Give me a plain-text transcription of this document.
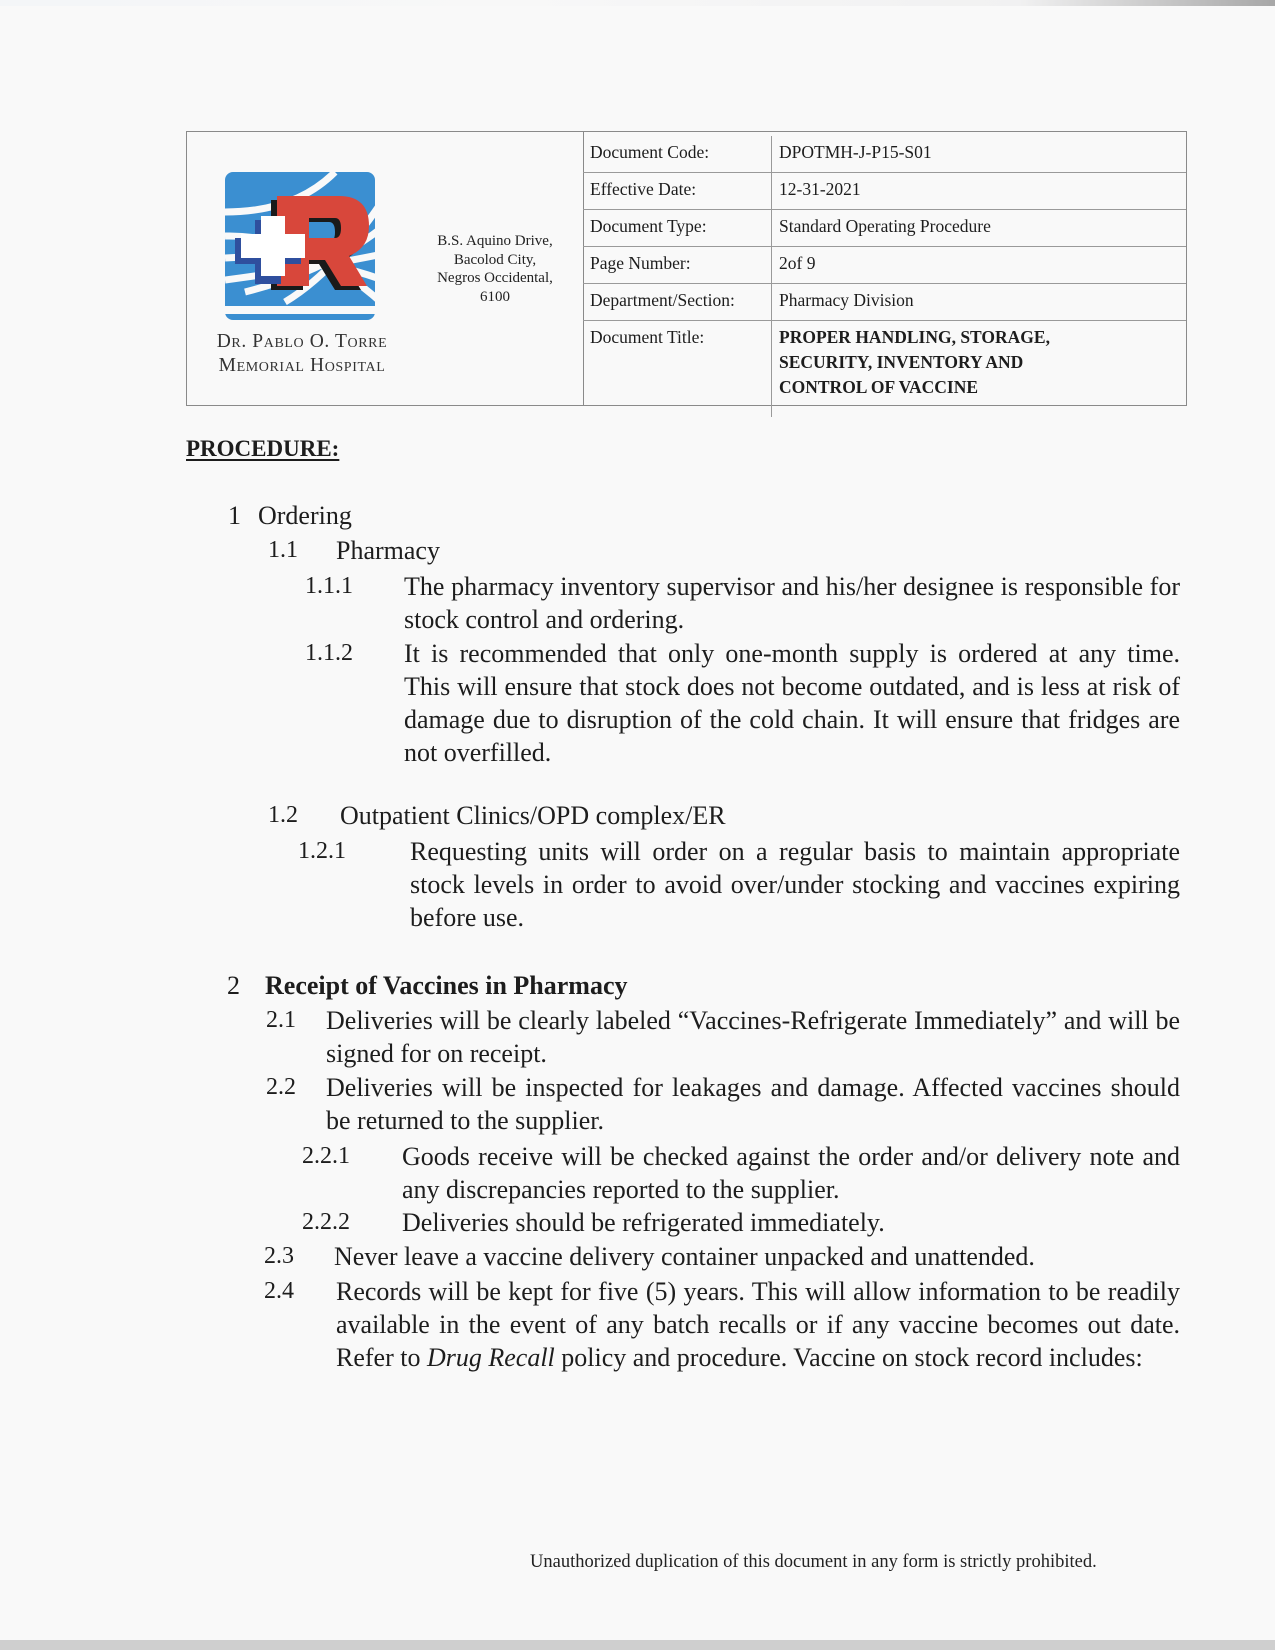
Dr. Pablo O. Torre
Memorial Hospital
B.S. Aquino Drive,
Bacolod City,
Negros Occidental,
6100
Document Code:	DPOTMH-J-P15-S01
Effective Date:	12-31-2021
Document Type:	Standard Operating Procedure
Page Number:	2of 9
Department/Section:	Pharmacy Division
Document Title:	PROPER HANDLING, STORAGE,
SECURITY, INVENTORY AND
CONTROL OF VACCINE
PROCEDURE:
1 Ordering
1.1 Pharmacy
1.1.1 The pharmacy inventory supervisor and his/her designee is responsible for stock control and ordering.
1.1.2 It is recommended that only one-month supply is ordered at any time. This will ensure that stock does not become outdated, and is less at risk of damage due to disruption of the cold chain. It will ensure that fridges are not overfilled.
1.2 Outpatient Clinics/OPD complex/ER
1.2.1 Requesting units will order on a regular basis to maintain appropriate stock levels in order to avoid over/under stocking and vaccines expiring before use.
2 Receipt of Vaccines in Pharmacy
2.1 Deliveries will be clearly labeled “Vaccines-Refrigerate Immediately” and will be signed for on receipt.
2.2 Deliveries will be inspected for leakages and damage. Affected vaccines should be returned to the supplier.
2.2.1 Goods receive will be checked against the order and/or delivery note and any discrepancies reported to the supplier.
2.2.2 Deliveries should be refrigerated immediately.
2.3 Never leave a vaccine delivery container unpacked and unattended.
2.4 Records will be kept for five (5) years. This will allow information to be readily available in the event of any batch recalls or if any vaccine becomes out date. Refer to Drug Recall policy and procedure. Vaccine on stock record includes:
Unauthorized duplication of this document in any form is strictly prohibited.
